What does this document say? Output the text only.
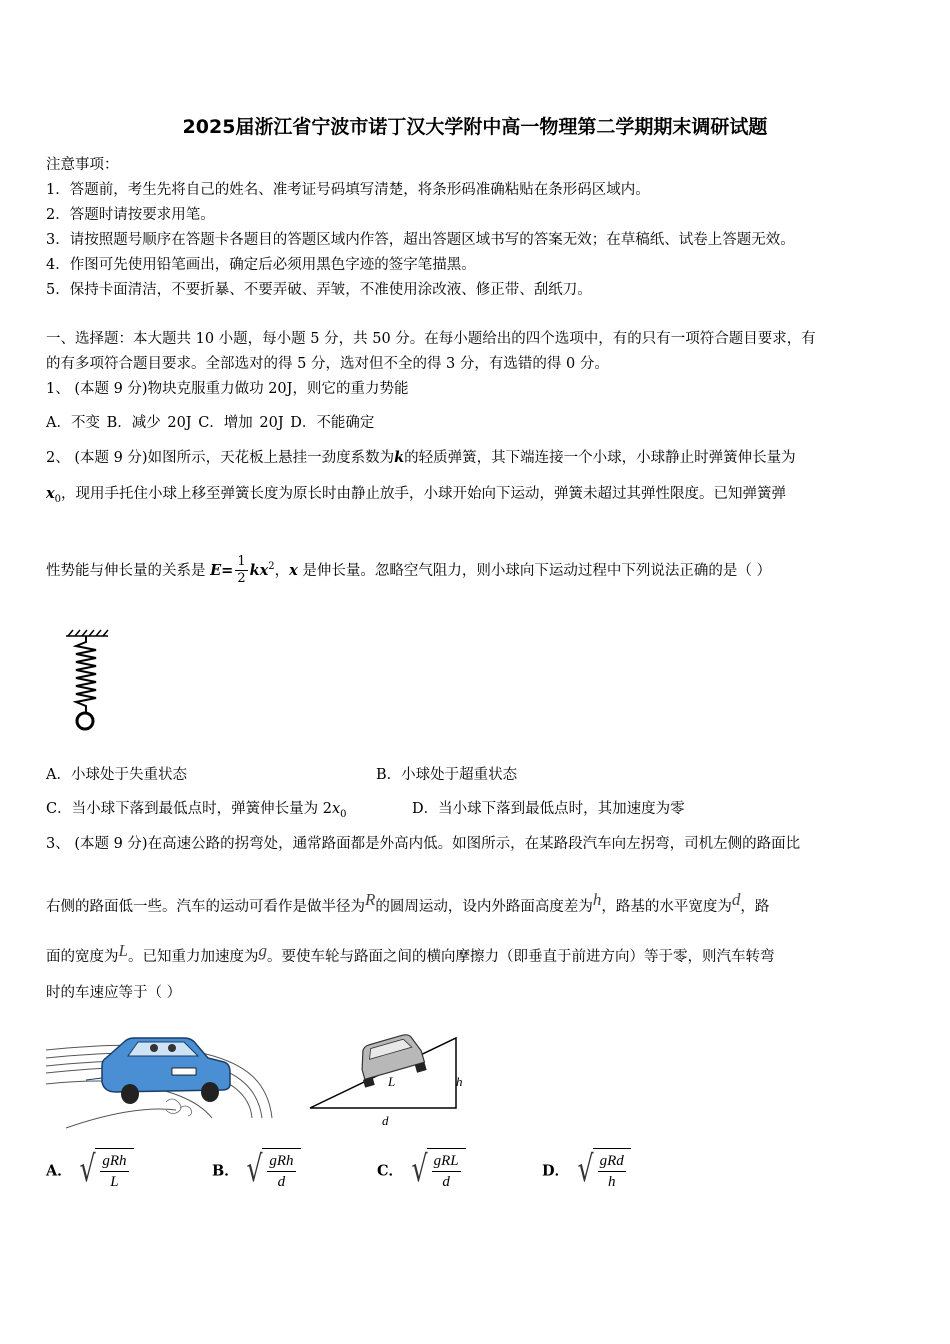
2025届浙江省宁波市诺丁汉大学附中高一物理第二学期期末调研试题
注意事项：
1．答题前，考生先将自己的姓名、准考证号码填写清楚，将条形码准确粘贴在条形码区域内。
2．答题时请按要求用笔。
3．请按照题号顺序在答题卡各题目的答题区域内作答，超出答题区域书写的答案无效；在草稿纸、试卷上答题无效。
4．作图可先使用铅笔画出，确定后必须用黑色字迹的签字笔描黑。
5．保持卡面清洁，不要折暴、不要弄破、弄皱，不准使用涂改液、修正带、刮纸刀。
一、选择题：本大题共 10 小题，每小题 5 分，共 50 分。在每小题给出的四个选项中，有的只有一项符合题目要求，有
的有多项符合题目要求。全部选对的得 5 分，选对但不全的得 3 分，有选错的得 0 分。
1、 (本题 9 分)物块克服重力做功 20J，则它的重力势能
A．不变 B．减少 20J C．增加 20J D．不能确定
2、 (本题 9 分)如图所示，天花板上悬挂一劲度系数为k的轻质弹簧，其下端连接一个小球，小球静止时弹簧伸长量为
$x_0$，现用手托住小球上移至弹簧长度为原长时由静止放手，小球开始向下运动，弹簧未超过其弹性限度。已知弹簧弹
性势能与伸长量的关系是 $E= \frac{1}{2} kx^2$，x 是伸长量。忽略空气阻力，则小球向下运动过程中下列说法正确的是（ ）
A．小球处于失重状态	B．小球处于超重状态
C．当小球下落到最低点时，弹簧伸长量为 $2x_0$	D．当小球下落到最低点时，其加速度为零
3、 (本题 9 分)在高速公路的拐弯处，通常路面都是外高内低。如图所示，在某路段汽车向左拐弯，司机左侧的路面比
右侧的路面低一些。汽车的运动可看作是做半径为R的圆周运动，设内外路面高度差为h，路基的水平宽度为d，路
面的宽度为L。已知重力加速度为g。要使车轮与路面之间的横向摩擦力（即垂直于前进方向）等于零，则汽车转弯
时的车速应等于（ ）
L	h
d
A． √ $\frac{\text{gRh}}{L}$	B． √ $\frac{\text{gRh}}{d}$	C． √ $\frac{\text{gRL}}{d}$	D． √ $\frac{\text{gRd}}{h}$
